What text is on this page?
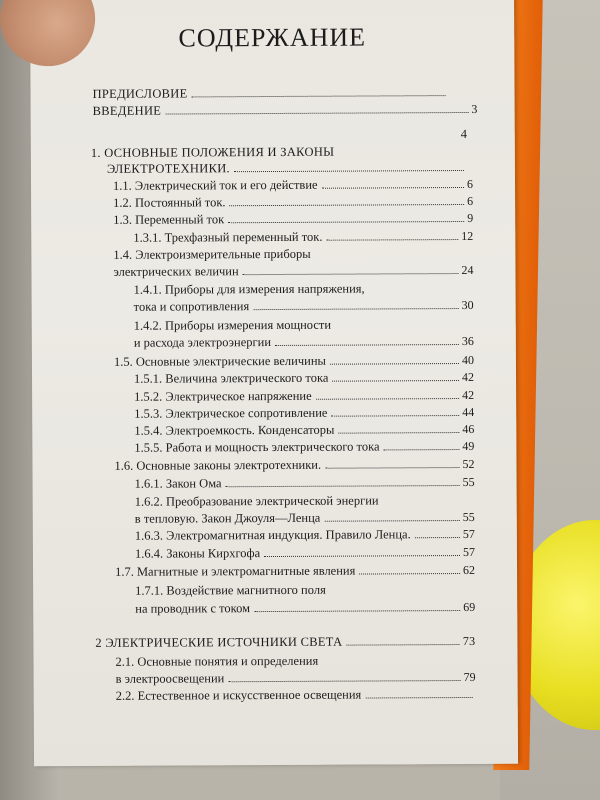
СОДЕРЖАНИЕ
ПРЕДИСЛОВИЕ
ВВЕДЕНИЕ	3
4
1. ОСНОВНЫЕ ПОЛОЖЕНИЯ И ЗАКОНЫ
ЭЛЕКТРОТЕХНИКИ.
1.1. Электрический ток и его действие	6
1.2. Постоянный ток.	6
1.3. Переменный ток	9
1.3.1. Трехфазный переменный ток.	12
1.4. Электроизмерительные приборы
электрических величин	24
1.4.1. Приборы для измерения напряжения,
тока и сопротивления	30
1.4.2. Приборы измерения мощности
и расхода электроэнергии	36
1.5. Основные электрические величины	40
1.5.1. Величина электрического тока	42
1.5.2. Электрическое напряжение	42
1.5.3. Электрическое сопротивление	44
1.5.4. Электроемкость. Конденсаторы	46
1.5.5. Работа и мощность электрического тока	49
1.6. Основные законы электротехники.	52
1.6.1. Закон Ома	55
1.6.2. Преобразование электрической энергии
в тепловую. Закон Джоуля—Ленца	55
1.6.3. Электромагнитная индукция. Правило Ленца.	57
1.6.4. Законы Кирхгофа	57
1.7. Магнитные и электромагнитные явления	62
1.7.1. Воздействие магнитного поля
на проводник с током	69
2 ЭЛЕКТРИЧЕСКИЕ ИСТОЧНИКИ СВЕТА	73
2.1. Основные понятия и определения
в электроосвещении	79
2.2. Естественное и искусственное освещения
